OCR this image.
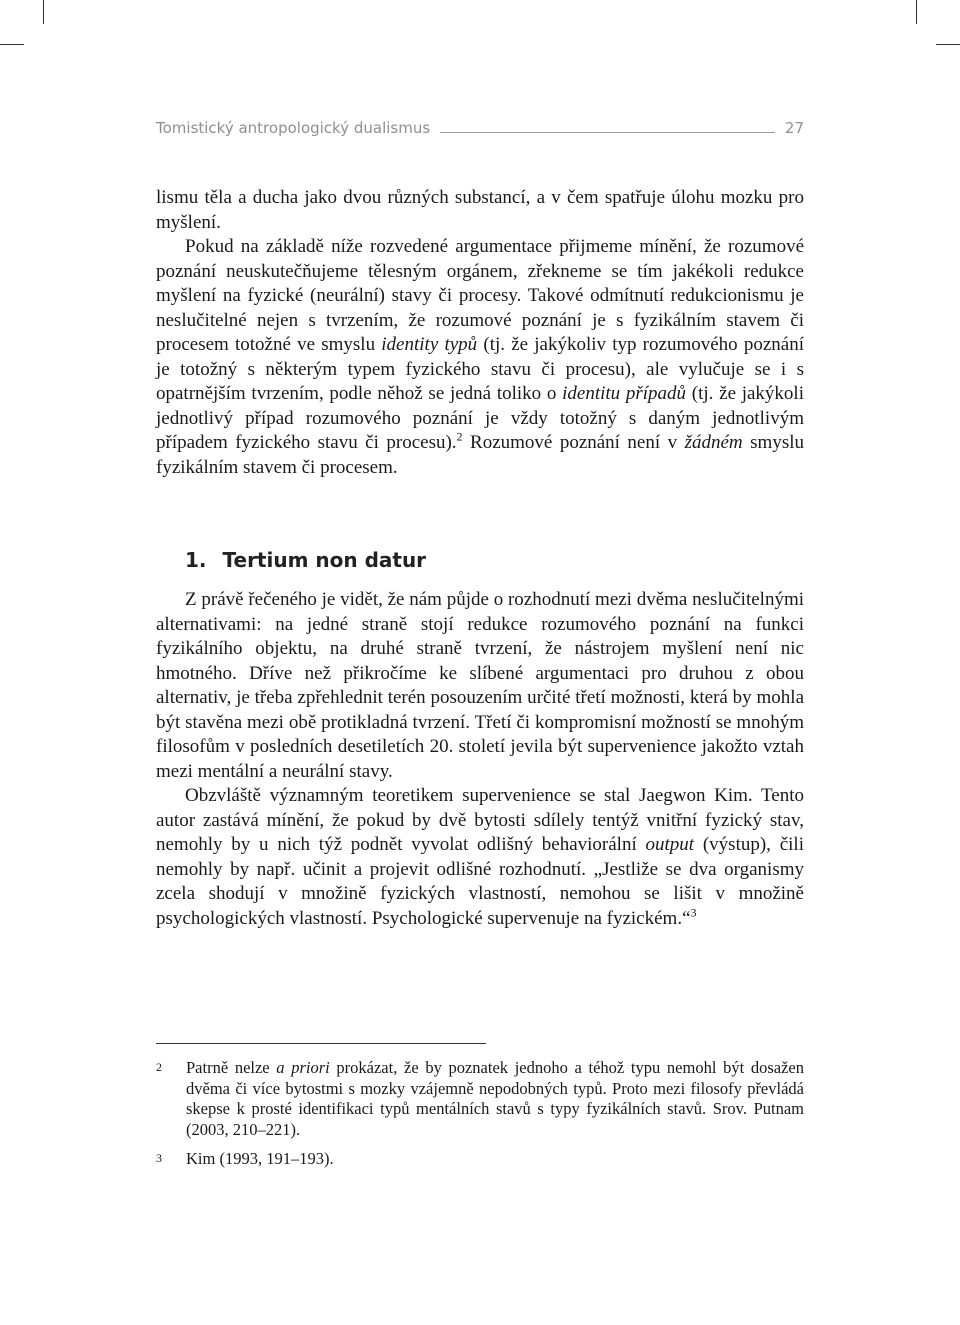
Tomistický antropologický dualismus	27

lismu těla a ducha jako dvou různých substancí, a v čem spatřuje úlohu mozku pro myšlení.

Pokud na základě níže rozvedené argumentace přijmeme mínění, že rozumové poznání neuskutečňujeme tělesným orgánem, zřekneme se tím jakékoli redukce myšlení na fyzické (neurální) stavy či procesy. Takové odmítnutí redukcionismu je neslučitelné nejen s tvrzením, že rozumové poznání je s fyzikálním stavem či procesem totožné ve smyslu identity typů (tj. že jakýkoliv typ rozumového poznání je totožný s některým typem fyzického stavu či procesu), ale vylučuje se i s opatrnějším tvrzením, podle něhož se jedná toliko o identitu případů (tj. že jakýkoli jednotlivý případ rozumového poznání je vždy totožný s daným jednotlivým případem fyzického stavu či procesu).$^2$ Rozumové poznání není v žádném smyslu fyzikálním stavem či procesem.

1. Tertium non datur

Z právě řečeného je vidět, že nám půjde o rozhodnutí mezi dvěma neslučitelnými alternativami: na jedné straně stojí redukce rozumového poznání na funkci fyzikálního objektu, na druhé straně tvrzení, že nástrojem myšlení není nic hmotného. Dříve než přikročíme ke slíbené argumentaci pro druhou z obou alternativ, je třeba zpřehlednit terén posouzením určité třetí možnosti, která by mohla být stavěna mezi obě protikladná tvrzení. Třetí či kompromisní možností se mnohým filosofům v posledních desetiletích 20. století jevila být supervenience jakožto vztah mezi mentální a neurální stavy.

Obzvláště významným teoretikem supervenience se stal Jaegwon Kim. Tento autor zastává mínění, že pokud by dvě bytosti sdílely tentýž vnitřní fyzický stav, nemohly by u nich týž podnět vyvolat odlišný behaviorální output (výstup), čili nemohly by např. učinit a projevit odlišné rozhodnutí. „Jestliže se dva organismy zcela shodují v množině fyzických vlastností, nemohou se lišit v množině psychologických vlastností. Psychologické supervenuje na fyzickém.“$^3$

2	Patrně nelze a priori prokázat, že by poznatek jednoho a téhož typu nemohl být dosažen dvěma či více bytostmi s mozky vzájemně nepodobných typů. Proto mezi filosofy převládá skepse k prosté identifikaci typů mentálních stavů s typy fyzikálních stavů. Srov. Putnam (2003, 210–221).
3	Kim (1993, 191–193).
